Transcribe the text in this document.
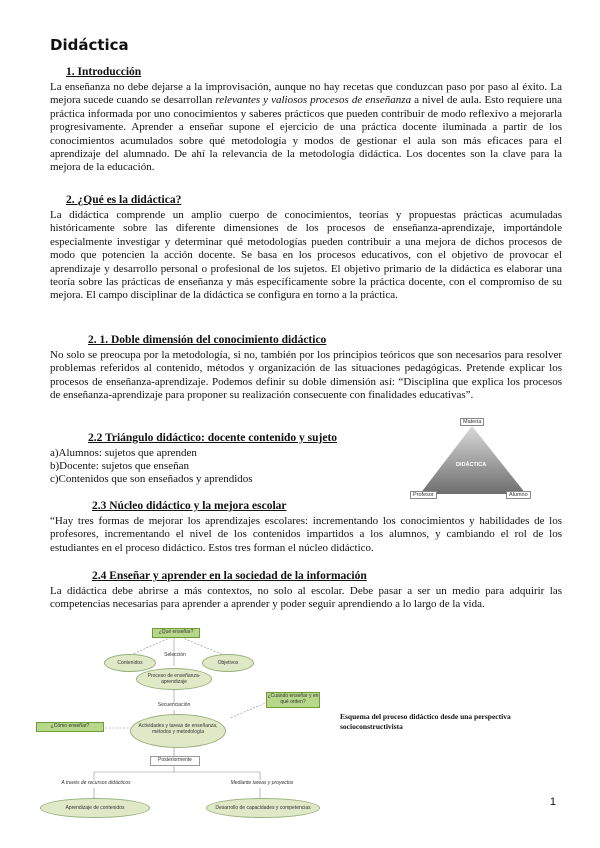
Didáctica
1. Introducción
La enseñanza no debe dejarse a la improvisación, aunque no hay recetas que conduzcan paso por paso al éxito. La mejora sucede cuando se desarrollan relevantes y valiosos procesos de enseñanza a nivel de aula. Esto requiere una práctica informada por uno conocimientos y saberes prácticos que pueden contribuir de modo reflexivo a mejorarla progresivamente. Aprender a enseñar supone el ejercicio de una práctica docente iluminada a partir de los conocimientos acumulados sobre qué metodología y modos de gestionar el aula son más eficaces para el aprendizaje del alumnado. De ahí la relevancia de la metodología didáctica. Los docentes son la clave para la mejora de la educación.
2. ¿Qué es la didáctica?
La didáctica comprende un amplio cuerpo de conocimientos, teorías y propuestas prácticas acumuladas históricamente sobre las diferente dimensiones de los procesos de enseñanza-aprendizaje, importándole especialmente investigar y determinar qué metodologías pueden contribuir a una mejora de dichos procesos de modo que potencien la acción docente. Se basa en los procesos educativos, con el objetivo de provocar el aprendizaje y desarrollo personal o profesional de los sujetos. El objetivo primario de la didáctica es elaborar una teoría sobre las prácticas de enseñanza y más específicamente sobre la práctica docente, con el compromiso de su mejora. El campo disciplinar de la didáctica se configura en torno a la práctica.
2. 1. Doble dimensión del conocimiento didáctico
No solo se preocupa por la metodología, si no, también por los principios teóricos que son necesarios para resolver problemas referidos al contenido, métodos y organización de las situaciones pedagógicas. Pretende explicar los procesos de enseñanza-aprendizaje. Podemos definir su doble dimensión así: “Disciplina que explica los procesos de enseñanza-aprendizaje para proponer su realización consecuente con finalidades educativas”.
2.2 Triángulo didáctico: docente contenido y sujeto
a)Alumnos: sujetos que aprenden
b)Docente: sujetos que enseñan
c)Contenidos que son enseñados y aprendidos
Materia
DIDÁCTICA
Profesor	Alumno
2.3 Núcleo didáctico y la mejora escolar
“Hay tres formas de mejorar los aprendizajes escolares: incrementando los conocimientos y habilidades de los profesores, incrementando el nivel de los contenidos impartidos a los alumnos, y cambiando el rol de los estudiantes en el proceso didáctico. Estos tres forman el núcleo didáctico.
2.4 Enseñar y aprender en la sociedad de la información
La didáctica debe abrirse a más contextos, no solo al escolar. Debe pasar a ser un medio para adquirir las competencias necesarias para aprender a aprender y poder seguir aprendiendo a lo largo de la vida.
¿Qué enseñar?
Contenidos	Objetivos
Selección
Proceso de enseñanza-aprendizaje
Secuenciación
¿Cuándo enseñar y en qué orden?
¿Cómo enseñar?	Actividades y tareas de enseñanza, métodos y metodología
Posteriormente
A través de recursos didácticos	Mediante tareas y proyectos
Aprendizaje de contenidos	Desarrollo de capacidades y competencias
Esquema del proceso didáctico desde una perspectiva socioconstructivista
1
